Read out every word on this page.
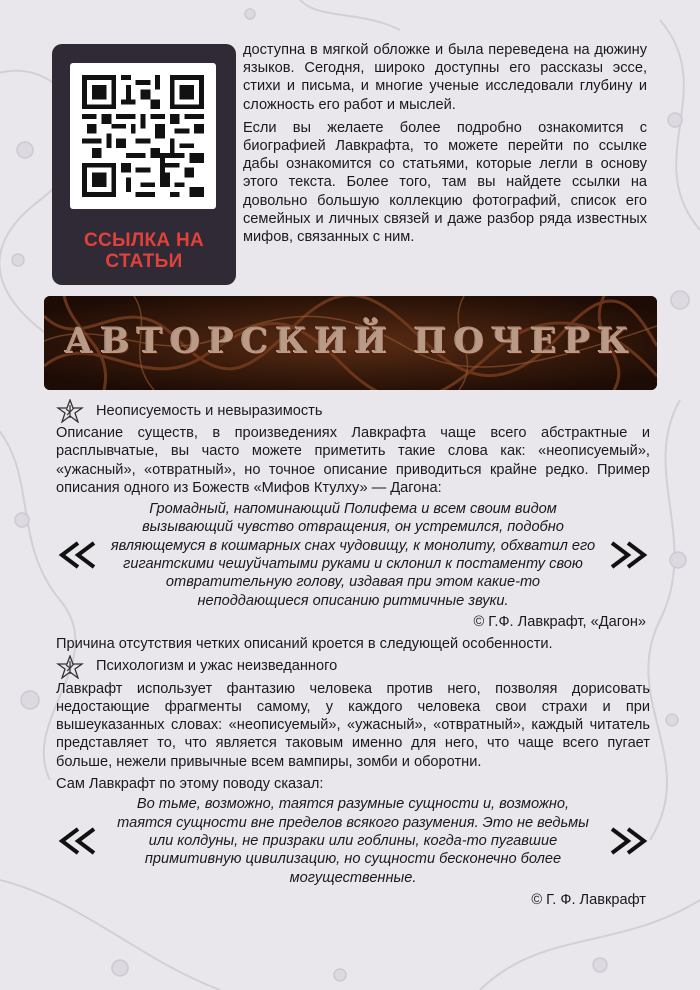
ССЫЛКА НА
СТАТЬИ

доступна в мягкой обложке и была переведена на дюжину языков. Сегодня, широко доступны его рассказы эссе, стихи и письма, и многие ученые исследовали глубину и сложность его работ и мыслей.

Если вы желаете более подробно ознакомится с биографией Лавкрафта, то можете перейти по ссылке дабы ознакомится со статьями, которые легли в основу этого текста. Более того, там вы найдете ссылки на довольно большую коллекцию фотографий, список его семейных и личных связей и даже разбор ряда известных мифов, связанных с ним.

АВТОРСКИЙ ПОЧЕРК
Неописуемость и невыразимость

Описание существ, в произведениях Лавкрафта чаще всего абстрактные и расплывчатые, вы часто можете приметить такие слова как: «неописуемый», «ужасный», «отвратный», но точное описание приводиться крайне редко. Пример описания одного из Божеств «Мифов Ктулху» — Дагона:

Громадный, напоминающий Полифема и всем своим видом вызывающий чувство отвращения, он устремился, подобно являющемуся в кошмарных снах чудовищу, к монолиту, обхватил его гигантскими чешуйчатыми руками и склонил к постаменту свою отвратительную голову, издавая при этом какие-то неподдающиеся описанию ритмичные звуки.

© Г.Ф. Лавкрафт, «Дагон»

Причина отсутствия четких описаний кроется в следующей особенности.

Психологизм и ужас неизведанного

Лавкрафт использует фантазию человека против него, позволяя дорисовать недостающие фрагменты самому, у каждого человека свои страхи и при вышеуказанных словах: «неописуемый», «ужасный», «отвратный», каждый читатель представляет то, что является таковым именно для него, что чаще всего пугает больше, нежели привычные всем вампиры, зомби и оборотни.

Сам Лавкрафт по этому поводу сказал:

Во тьме, возможно, таятся разумные сущности и, возможно, таятся сущности вне пределов всякого разумения. Это не ведьмы или колдуны, не призраки или гоблины, когда-то пугавшие примитивную цивилизацию, но сущности бесконечно более могущественные.

© Г. Ф. Лавкрафт
